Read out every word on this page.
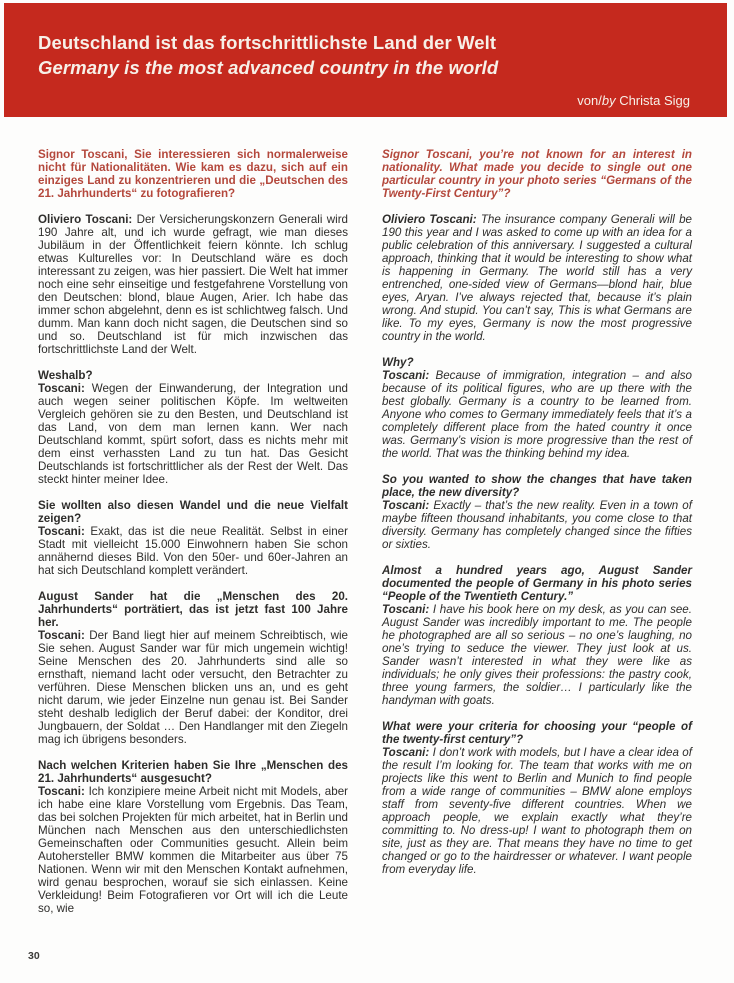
Deutschland ist das fortschrittlichste Land der Welt
Germany is the most advanced country in the world
von/by Christa Sigg

Signor Toscani, Sie interessieren sich normalerweise nicht für Nationalitäten. Wie kam es dazu, sich auf ein einziges Land zu konzentrieren und die „Deutschen des 21. Jahrhunderts“ zu fotografieren?

Oliviero Toscani: Der Versicherungskonzern Generali wird 190 Jahre alt, und ich wurde gefragt, wie man dieses Jubiläum in der Öffentlichkeit feiern könnte. Ich schlug etwas Kulturelles vor: In Deutschland wäre es doch interessant zu zeigen, was hier passiert. Die Welt hat immer noch eine sehr einseitige und festgefahrene Vorstellung von den Deutschen: blond, blaue Augen, Arier. Ich habe das immer schon abgelehnt, denn es ist schlichtweg falsch. Und dumm. Man kann doch nicht sagen, die Deutschen sind so und so. Deutschland ist für mich inzwischen das fortschrittlichste Land der Welt.

Weshalb?

Toscani: Wegen der Einwanderung, der Integration und auch wegen seiner politischen Köpfe. Im weltweiten Vergleich gehören sie zu den Besten, und Deutschland ist das Land, von dem man lernen kann. Wer nach Deutschland kommt, spürt sofort, dass es nichts mehr mit dem einst verhassten Land zu tun hat. Das Gesicht Deutschlands ist fortschrittlicher als der Rest der Welt. Das steckt hinter meiner Idee.

Sie wollten also diesen Wandel und die neue Vielfalt zeigen?

Toscani: Exakt, das ist die neue Realität. Selbst in einer Stadt mit vielleicht 15.000 Einwohnern haben Sie schon annähernd dieses Bild. Von den 50er- und 60er-Jahren an hat sich Deutschland komplett verändert.

August Sander hat die „Menschen des 20. Jahrhunderts“ porträtiert, das ist jetzt fast 100 Jahre her.

Toscani: Der Band liegt hier auf meinem Schreibtisch, wie Sie sehen. August Sander war für mich ungemein wichtig! Seine Menschen des 20. Jahrhunderts sind alle so ernsthaft, niemand lacht oder versucht, den Betrachter zu verführen. Diese Menschen blicken uns an, und es geht nicht darum, wie jeder Einzelne nun genau ist. Bei Sander steht deshalb lediglich der Beruf dabei: der Konditor, drei Jungbauern, der Soldat … Den Handlanger mit den Ziegeln mag ich übrigens besonders.

Nach welchen Kriterien haben Sie Ihre „Menschen des 21. Jahrhunderts“ ausgesucht?

Toscani: Ich konzipiere meine Arbeit nicht mit Models, aber ich habe eine klare Vorstellung vom Ergebnis. Das Team, das bei solchen Projekten für mich arbeitet, hat in Berlin und München nach Menschen aus den unterschiedlichsten Gemeinschaften oder Communities gesucht. Allein beim Autohersteller BMW kommen die Mitarbeiter aus über 75 Nationen. Wenn wir mit den Menschen Kontakt aufnehmen, wird genau besprochen, worauf sie sich einlassen. Keine Verkleidung! Beim Fotografieren vor Ort will ich die Leute so, wie

Signor Toscani, you’re not known for an interest in nationality. What made you decide to single out one particular country in your photo series “Germans of the Twenty-First Century”?

Oliviero Toscani: The insurance company Generali will be 190 this year and I was asked to come up with an idea for a public celebration of this anniversary. I suggested a cultural approach, thinking that it would be interesting to show what is happening in Germany. The world still has a very entrenched, one-sided view of Germans—blond hair, blue eyes, Aryan. I’ve always rejected that, because it’s plain wrong. And stupid. You can’t say, This is what Germans are like. To my eyes, Germany is now the most progressive country in the world.

Why?

Toscani: Because of immigration, integration – and also because of its political figures, who are up there with the best globally. Germany is a country to be learned from. Anyone who comes to Germany immediately feels that it’s a completely different place from the hated country it once was. Germany’s vision is more progressive than the rest of the world. That was the thinking behind my idea.

So you wanted to show the changes that have taken place, the new diversity?

Toscani: Exactly – that’s the new reality. Even in a town of maybe fifteen thousand inhabitants, you come close to that diversity. Germany has completely changed since the fifties or sixties.

Almost a hundred years ago, August Sander documented the people of Germany in his photo series “People of the Twentieth Century.”

Toscani: I have his book here on my desk, as you can see. August Sander was incredibly important to me. The people he photographed are all so serious – no one’s laughing, no one’s trying to seduce the viewer. They just look at us. Sander wasn’t interested in what they were like as individuals; he only gives their professions: the pastry cook, three young farmers, the soldier… I particularly like the handyman with goats.

What were your criteria for choosing your “people of the twenty-first century”?

Toscani: I don’t work with models, but I have a clear idea of the result I’m looking for. The team that works with me on projects like this went to Berlin and Munich to find people from a wide range of communities – BMW alone employs staff from seventy-five different countries. When we approach people, we explain exactly what they’re committing to. No dress-up! I want to photograph them on site, just as they are. That means they have no time to get changed or go to the hairdresser or whatever. I want people from everyday life.

30
